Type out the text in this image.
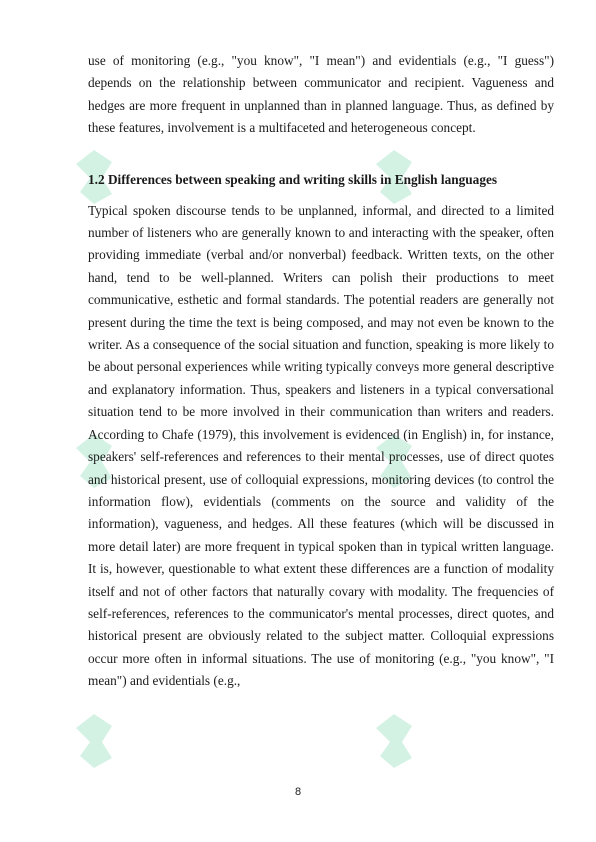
use of monitoring (e.g., "you know", "I mean") and evidentials (e.g., "I guess") depends on the relationship between communicator and recipient. Vagueness and hedges are more frequent in unplanned than in planned language. Thus, as defined by these features, involvement is a multifaceted and heterogeneous concept.

1.2 Differences between speaking and writing skills in English languages

Typical spoken discourse tends to be unplanned, informal, and directed to a limited number of listeners who are generally known to and interacting with the speaker, often providing immediate (verbal and/or nonverbal) feedback. Written texts, on the other hand, tend to be well-planned. Writers can polish their productions to meet communicative, esthetic and formal standards. The potential readers are generally not present during the time the text is being composed, and may not even be known to the writer. As a consequence of the social situation and function, speaking is more likely to be about personal experiences while writing typically conveys more general descriptive and explanatory information. Thus, speakers and listeners in a typical conversational situation tend to be more involved in their communication than writers and readers. According to Chafe (1979), this involvement is evidenced (in English) in, for instance, speakers' self-references and references to their mental processes, use of direct quotes and historical present, use of colloquial expressions, monitoring devices (to control the information flow), evidentials (comments on the source and validity of the information), vagueness, and hedges. All these features (which will be discussed in more detail later) are more frequent in typical spoken than in typical written language. It is, however, questionable to what extent these differences are a function of modality itself and not of other factors that naturally covary with modality. The frequencies of self-references, references to the communicator's mental processes, direct quotes, and historical present are obviously related to the subject matter. Colloquial expressions occur more often in informal situations. The use of monitoring (e.g., "you know", "I mean") and evidentials (e.g.,

8
